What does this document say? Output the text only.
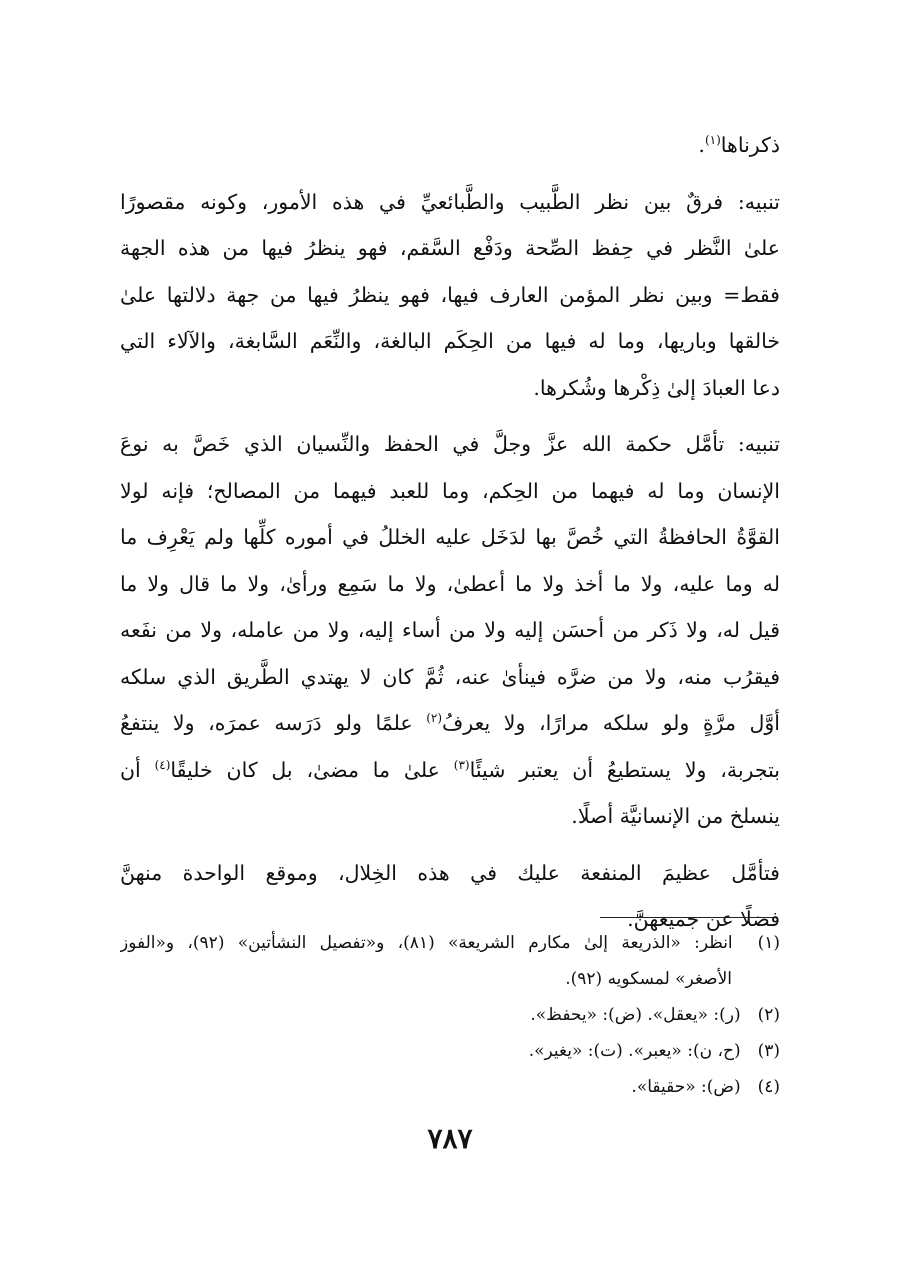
ذكرناها$^{(١)}$.
تنبيه: فرقٌ بين نظر الطَّبيب والطَّبائعيِّ في هذه الأمور، وكونه مقصورًا
علىٰ النَّظر في حِفظ الصِّحة ودَفْع السَّقم، فهو ينظرُ فيها من هذه الجهة
فقط= وبين نظر المؤمن العارف فيها، فهو ينظرُ فيها من جهة دلالتها علىٰ
خالقها وباريها، وما له فيها من الحِكَم البالغة، والنِّعَم السَّابغة، والآلاء التي
دعا العبادَ إلىٰ ذِكْرها وشُكرها.
تنبيه: تأمَّل حكمة الله عزَّ وجلَّ في الحفظ والنِّسيان الذي خَصَّ به نوعَ
الإنسان وما له فيهما من الحِكم، وما للعبد فيهما من المصالح؛ فإنه لولا
القوَّةُ الحافظةُ التي خُصَّ بها لدَخَل عليه الخللُ في أموره كلِّها ولم يَعْرِف ما
له وما عليه، ولا ما أخذ ولا ما أعطىٰ، ولا ما سَمِع ورأىٰ، ولا ما قال ولا ما
قيل له، ولا ذَكر من أحسَن إليه ولا من أساء إليه، ولا من عامله، ولا من نفَعه
فيقرُب منه، ولا من ضرَّه فينأىٰ عنه، ثُمَّ كان لا يهتدي الطَّريق الذي سلكه
أوَّل مرَّةٍ ولو سلكه مرارًا، ولا يعرفُ$^{(٢)}$ علمًا ولو دَرَسه عمرَه، ولا ينتفعُ
بتجربة، ولا يستطيعُ أن يعتبر شيئًا$^{(٣)}$ علىٰ ما مضىٰ، بل كان خليقًا$^{(٤)}$ أن
ينسلخ من الإنسانيَّة أصلًا.
فتأمَّل عظيمَ المنفعة عليك في هذه الخِلال، وموقع الواحدة منهنَّ
فضلًا عن جميعهنَّ.
(١) انظر: «الذريعة إلىٰ مكارم الشريعة» (٨١)، و«تفصيل النشأتين» (٩٢)، و«الفوز
الأصغر» لمسكويه (٩٢).
(٢) (ر): «يعقل». (ض): «يحفظ».
(٣) (ح، ن): «يعبر». (ت): «يغير».
(٤) (ض): «حقيقا».
٧٨٧
